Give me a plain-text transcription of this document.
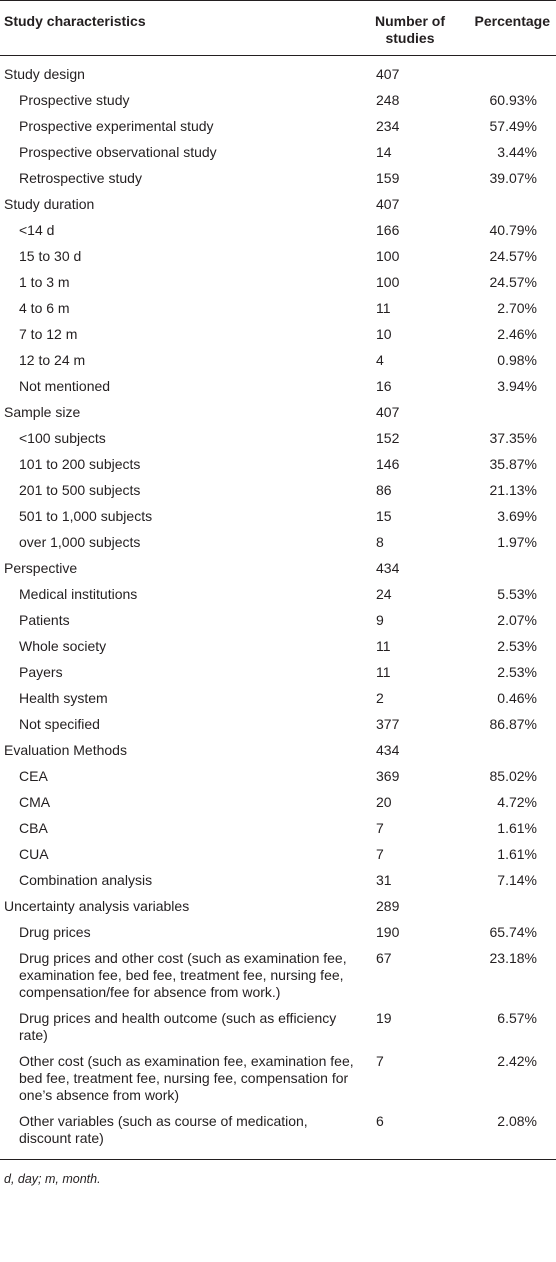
Study characteristics	Number of studies	Percentage
Study design	407	
Prospective study	248	60.93%
Prospective experimental study	234	57.49%
Prospective observational study	14	3.44%
Retrospective study	159	39.07%
Study duration	407	
<14 d	166	40.79%
15 to 30 d	100	24.57%
1 to 3 m	100	24.57%
4 to 6 m	11	2.70%
7 to 12 m	10	2.46%
12 to 24 m	4	0.98%
Not mentioned	16	3.94%
Sample size	407	
<100 subjects	152	37.35%
101 to 200 subjects	146	35.87%
201 to 500 subjects	86	21.13%
501 to 1,000 subjects	15	3.69%
over 1,000 subjects	8	1.97%
Perspective	434	
Medical institutions	24	5.53%
Patients	9	2.07%
Whole society	11	2.53%
Payers	11	2.53%
Health system	2	0.46%
Not specified	377	86.87%
Evaluation Methods	434	
CEA	369	85.02%
CMA	20	4.72%
CBA	7	1.61%
CUA	7	1.61%
Combination analysis	31	7.14%
Uncertainty analysis variables	289	
Drug prices	190	65.74%
Drug prices and other cost (such as examination fee, examination fee, bed fee, treatment fee, nursing fee, compensation/fee for absence from work.)	67	23.18%
Drug prices and health outcome (such as efficiency rate)	19	6.57%
Other cost (such as examination fee, examination fee, bed fee, treatment fee, nursing fee, compensation for one’s absence from work)	7	2.42%
Other variables (such as course of medication, discount rate)	6	2.08%
d, day; m, month.
